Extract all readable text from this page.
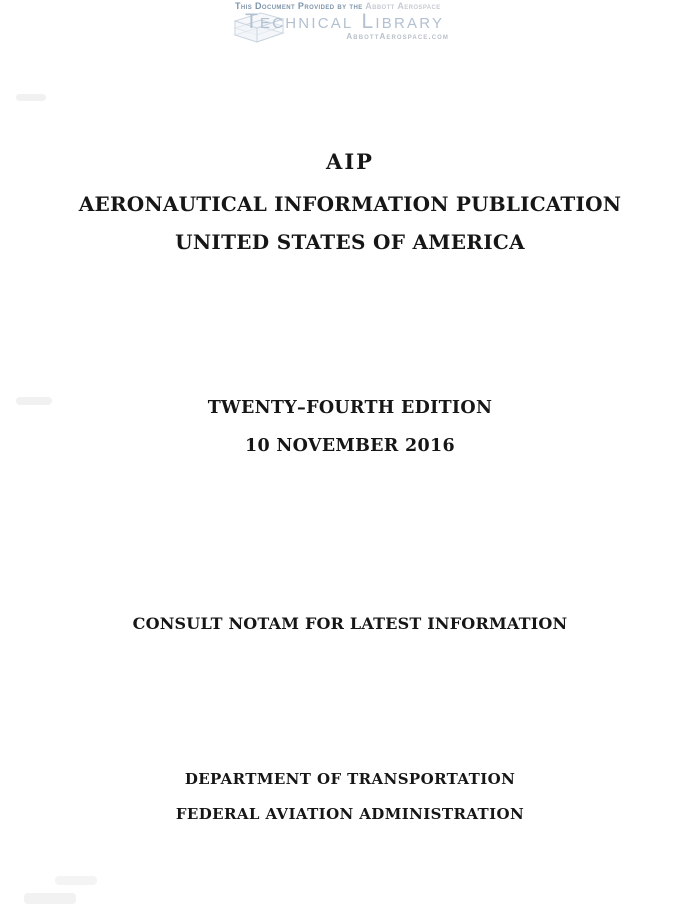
This Document Provided by the Abbott Aerospace
Technical Library
AbbottAerospace.com
AIP
AERONAUTICAL INFORMATION PUBLICATION
UNITED STATES OF AMERICA
TWENTY–FOURTH EDITION
10 NOVEMBER 2016
CONSULT NOTAM FOR LATEST INFORMATION
DEPARTMENT OF TRANSPORTATION
FEDERAL AVIATION ADMINISTRATION
